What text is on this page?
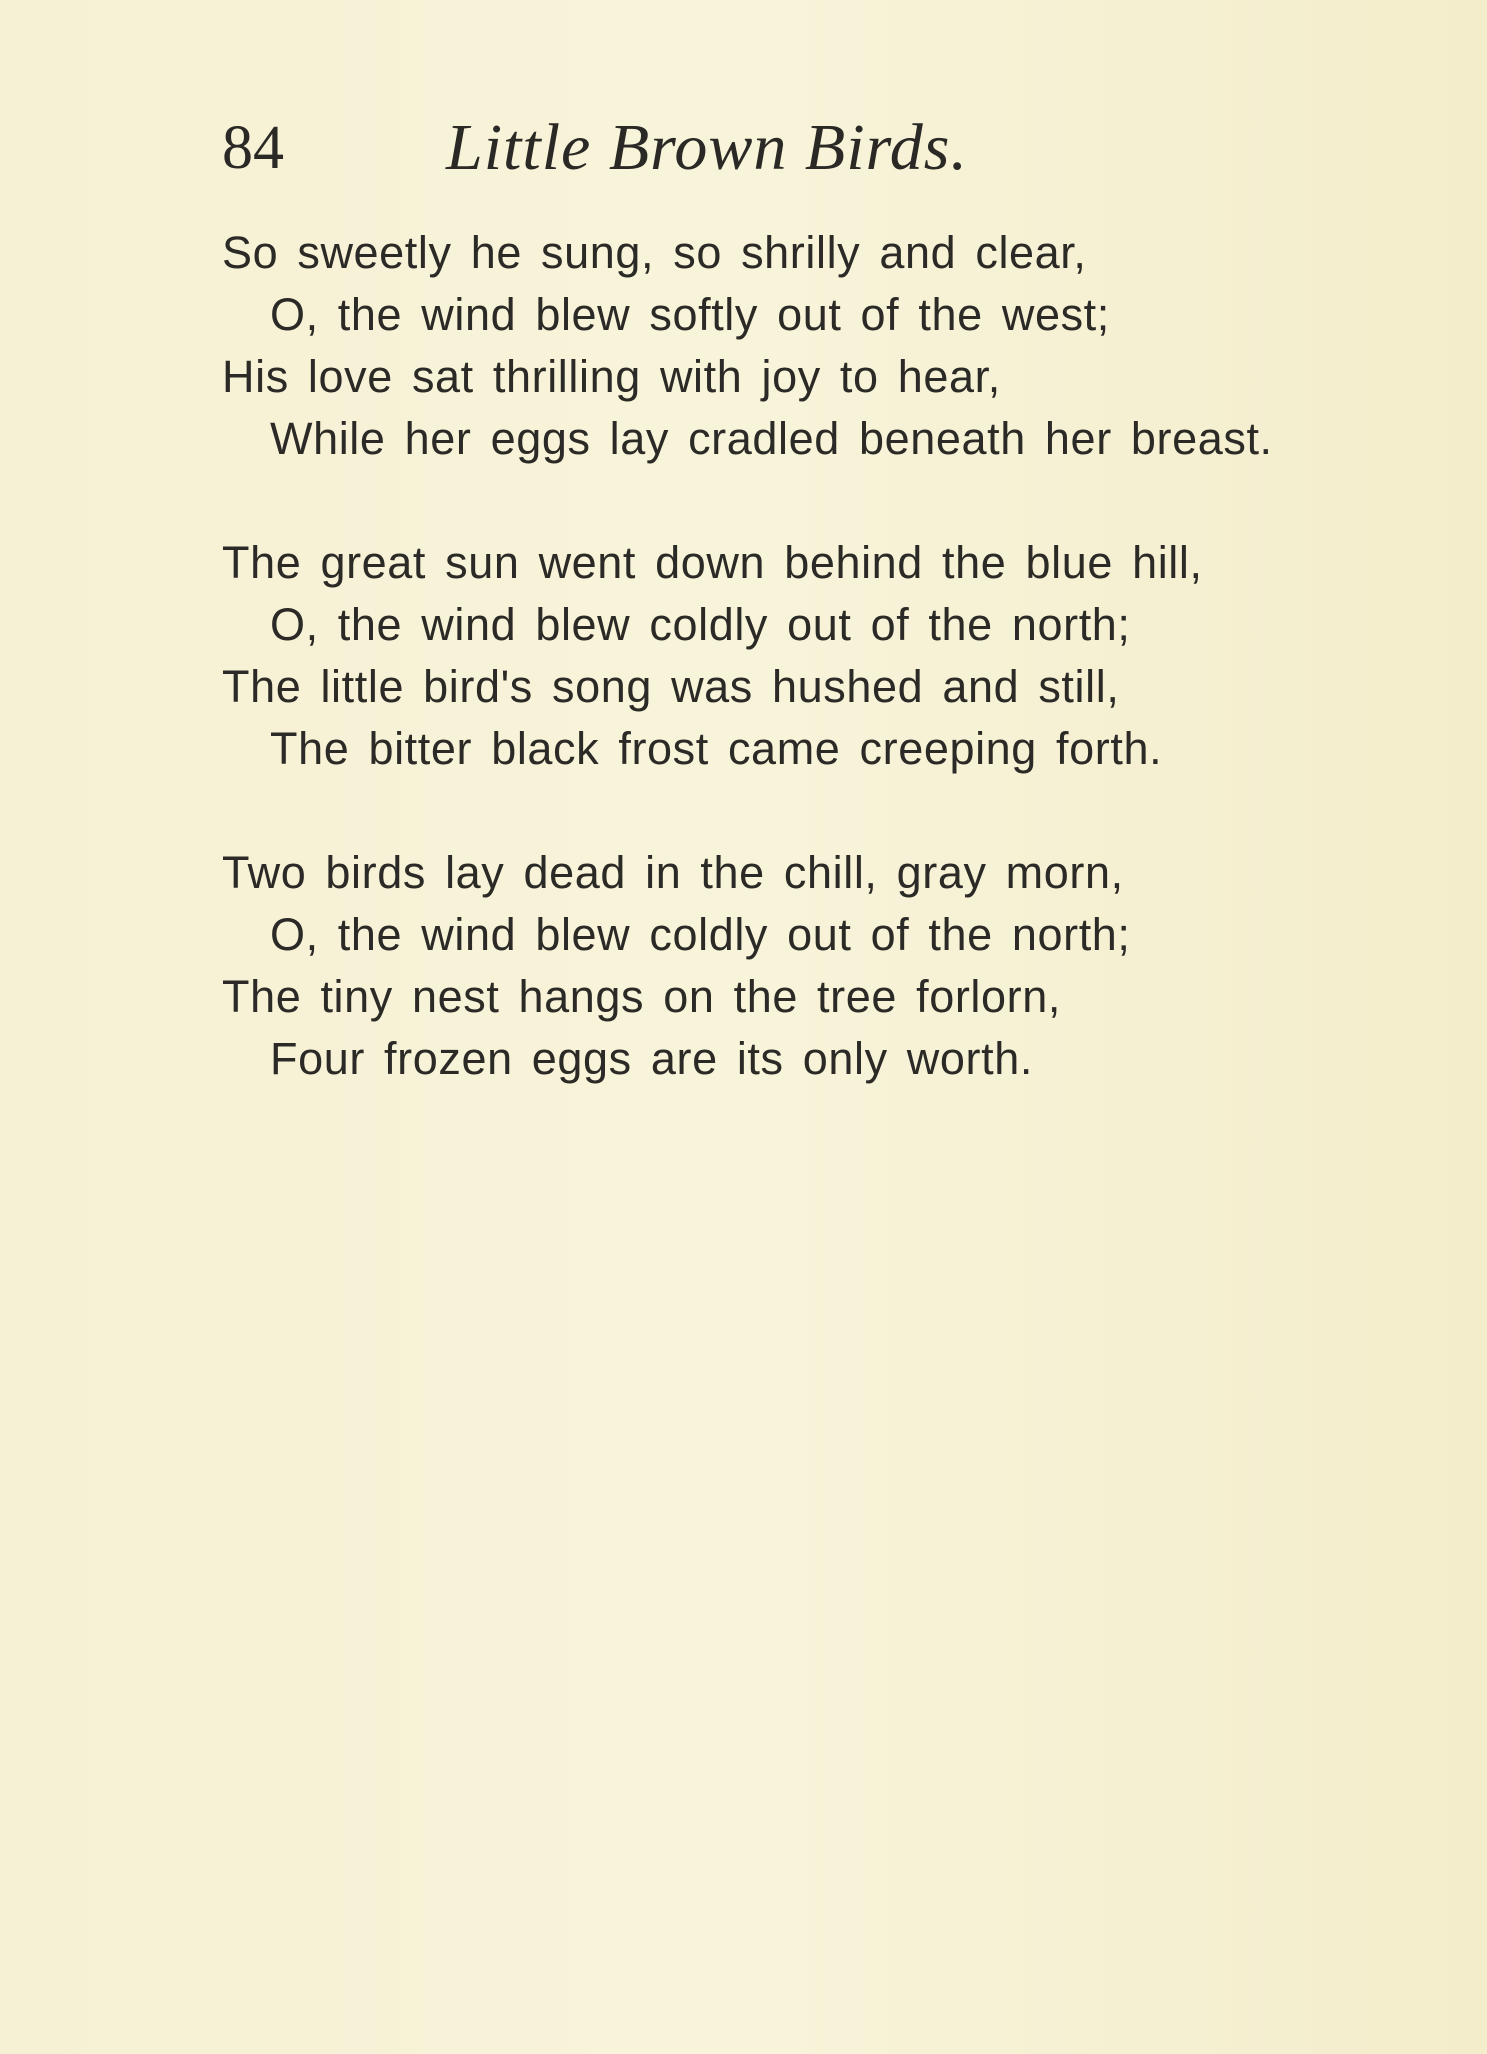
84 Little Brown Birds.
So sweetly he sung, so shrilly and clear,
O, the wind blew softly out of the west;
His love sat thrilling with joy to hear,
While her eggs lay cradled beneath her breast.
The great sun went down behind the blue hill,
O, the wind blew coldly out of the north;
The little bird's song was hushed and still,
The bitter black frost came creeping forth.
Two birds lay dead in the chill, gray morn,
O, the wind blew coldly out of the north;
The tiny nest hangs on the tree forlorn,
Four frozen eggs are its only worth.
